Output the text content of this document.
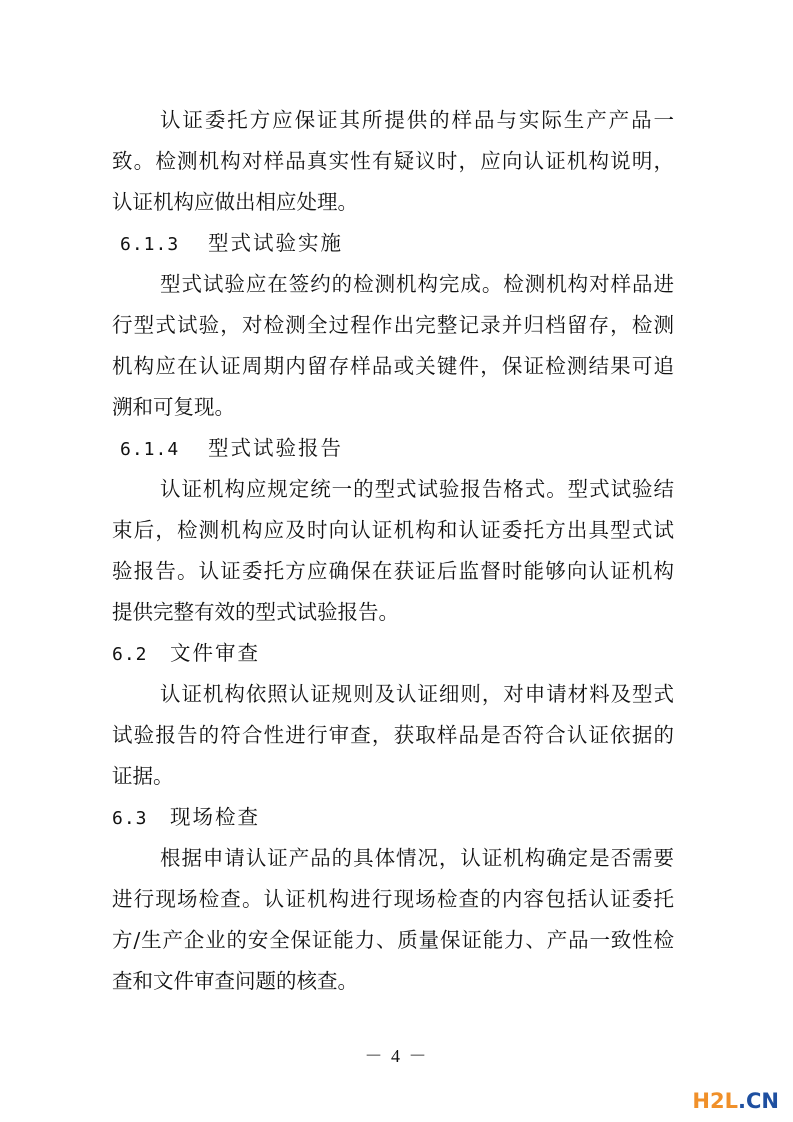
认证委托方应保证其所提供的样品与实际生产产品一
致。检测机构对样品真实性有疑议时，应向认证机构说明，
认证机构应做出相应处理。
6.1.3 型式试验实施
型式试验应在签约的检测机构完成。检测机构对样品进
行型式试验，对检测全过程作出完整记录并归档留存，检测
机构应在认证周期内留存样品或关键件，保证检测结果可追
溯和可复现。
6.1.4 型式试验报告
认证机构应规定统一的型式试验报告格式。型式试验结
束后，检测机构应及时向认证机构和认证委托方出具型式试
验报告。认证委托方应确保在获证后监督时能够向认证机构
提供完整有效的型式试验报告。
6.2 文件审查
认证机构依照认证规则及认证细则，对申请材料及型式
试验报告的符合性进行审查，获取样品是否符合认证依据的
证据。
6.3 现场检查
根据申请认证产品的具体情况，认证机构确定是否需要
进行现场检查。认证机构进行现场检查的内容包括认证委托
方/生产企业的安全保证能力、质量保证能力、产品一致性检
查和文件审查问题的核查。
－ 4 －
H2L.CN
